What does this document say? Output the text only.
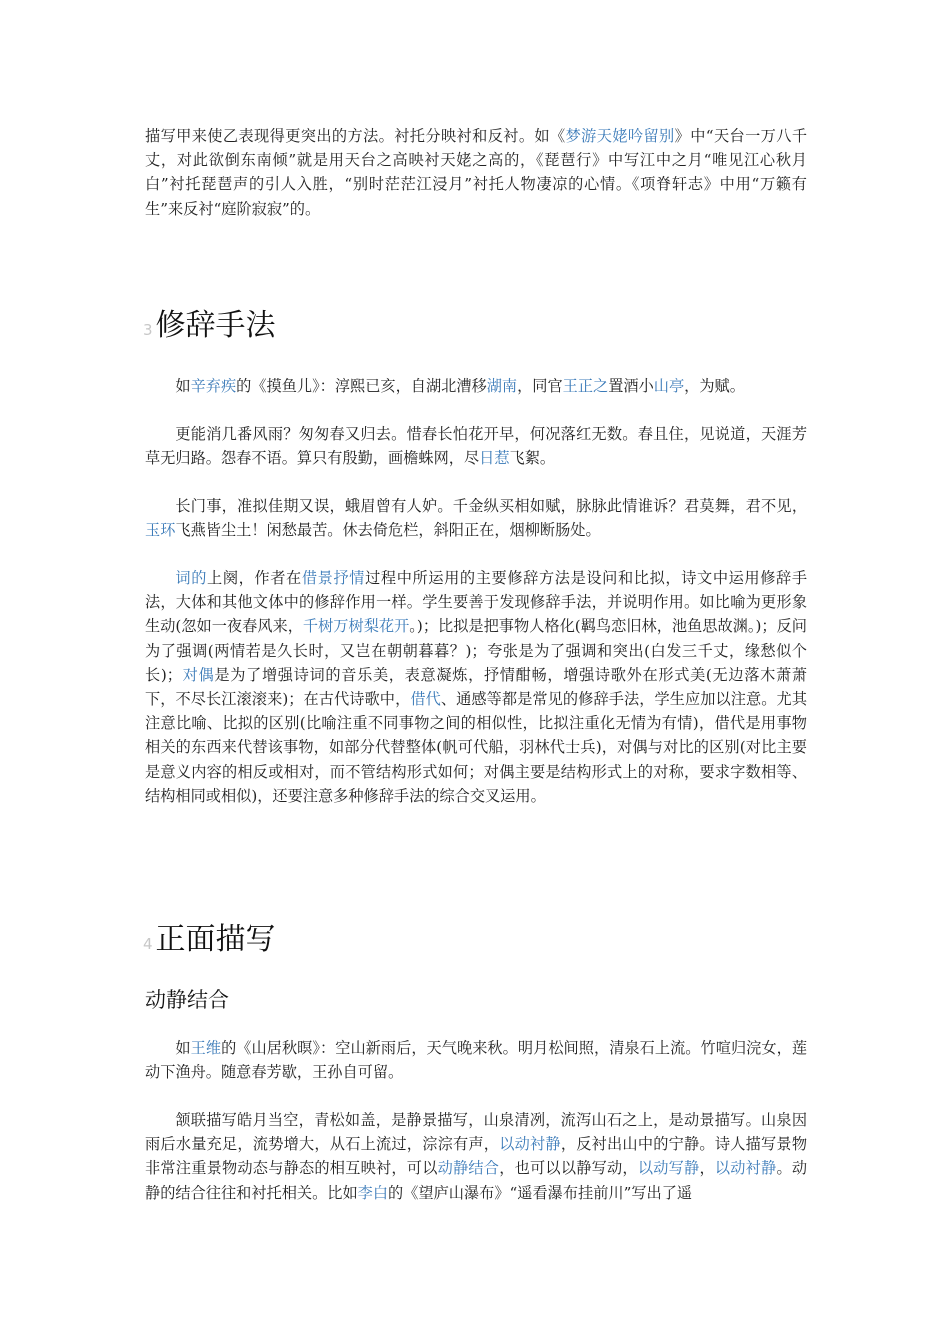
描写甲来使乙表现得更突出的方法。衬托分映衬和反衬。如《梦游天姥吟留别》中“天台一万八千丈，对此欲倒东南倾”就是用天台之高映衬天姥之高的，《琵琶行》中写江中之月“唯见江心秋月白”衬托琵琶声的引人入胜，“别时茫茫江浸月”衬托人物凄凉的心情。《项脊轩志》中用“万籁有生”来反衬“庭阶寂寂”的。

3 修辞手法

如辛弃疾的《摸鱼儿》：淳熙已亥，自湖北漕移湖南，同官王正之置酒小山亭，为赋。

更能消几番风雨？匆匆春又归去。惜春长怕花开早，何况落红无数。春且住，见说道，天涯芳草无归路。怨春不语。算只有殷勤，画檐蛛网，尽日惹飞絮。

长门事，准拟佳期又误，蛾眉曾有人妒。千金纵买相如赋，脉脉此情谁诉？君莫舞，君不见，玉环飞燕皆尘土！闲愁最苦。休去倚危栏，斜阳正在，烟柳断肠处。

词的上阕，作者在借景抒情过程中所运用的主要修辞方法是设问和比拟，诗文中运用修辞手法，大体和其他文体中的修辞作用一样。学生要善于发现修辞手法，并说明作用。如比喻为更形象生动(忽如一夜春风来，千树万树梨花开。)；比拟是把事物人格化(羁鸟恋旧林，池鱼思故渊。)；反问为了强调(两情若是久长时，又岂在朝朝暮暮？)；夸张是为了强调和突出(白发三千丈，缘愁似个长)；对偶是为了增强诗词的音乐美，表意凝炼，抒情酣畅，增强诗歌外在形式美(无边落木萧萧下，不尽长江滚滚来)；在古代诗歌中，借代、通感等都是常见的修辞手法，学生应加以注意。尤其注意比喻、比拟的区别(比喻注重不同事物之间的相似性，比拟注重化无情为有情)，借代是用事物相关的东西来代替该事物，如部分代替整体(帆可代船，羽林代士兵)，对偶与对比的区别(对比主要是意义内容的相反或相对，而不管结构形式如何；对偶主要是结构形式上的对称，要求字数相等、结构相同或相似)，还要注意多种修辞手法的综合交叉运用。

4 正面描写
动静结合

如王维的《山居秋暝》：空山新雨后，天气晚来秋。明月松间照，清泉石上流。竹喧归浣女，莲动下渔舟。随意春芳歇，王孙自可留。

颔联描写皓月当空，青松如盖，是静景描写，山泉清冽，流泻山石之上，是动景描写。山泉因雨后水量充足，流势增大，从石上流过，淙淙有声，以动衬静，反衬出山中的宁静。诗人描写景物非常注重景物动态与静态的相互映衬，可以动静结合，也可以以静写动，以动写静，以动衬静。动静的结合往往和衬托相关。比如李白的《望庐山瀑布》“遥看瀑布挂前川”写出了遥
